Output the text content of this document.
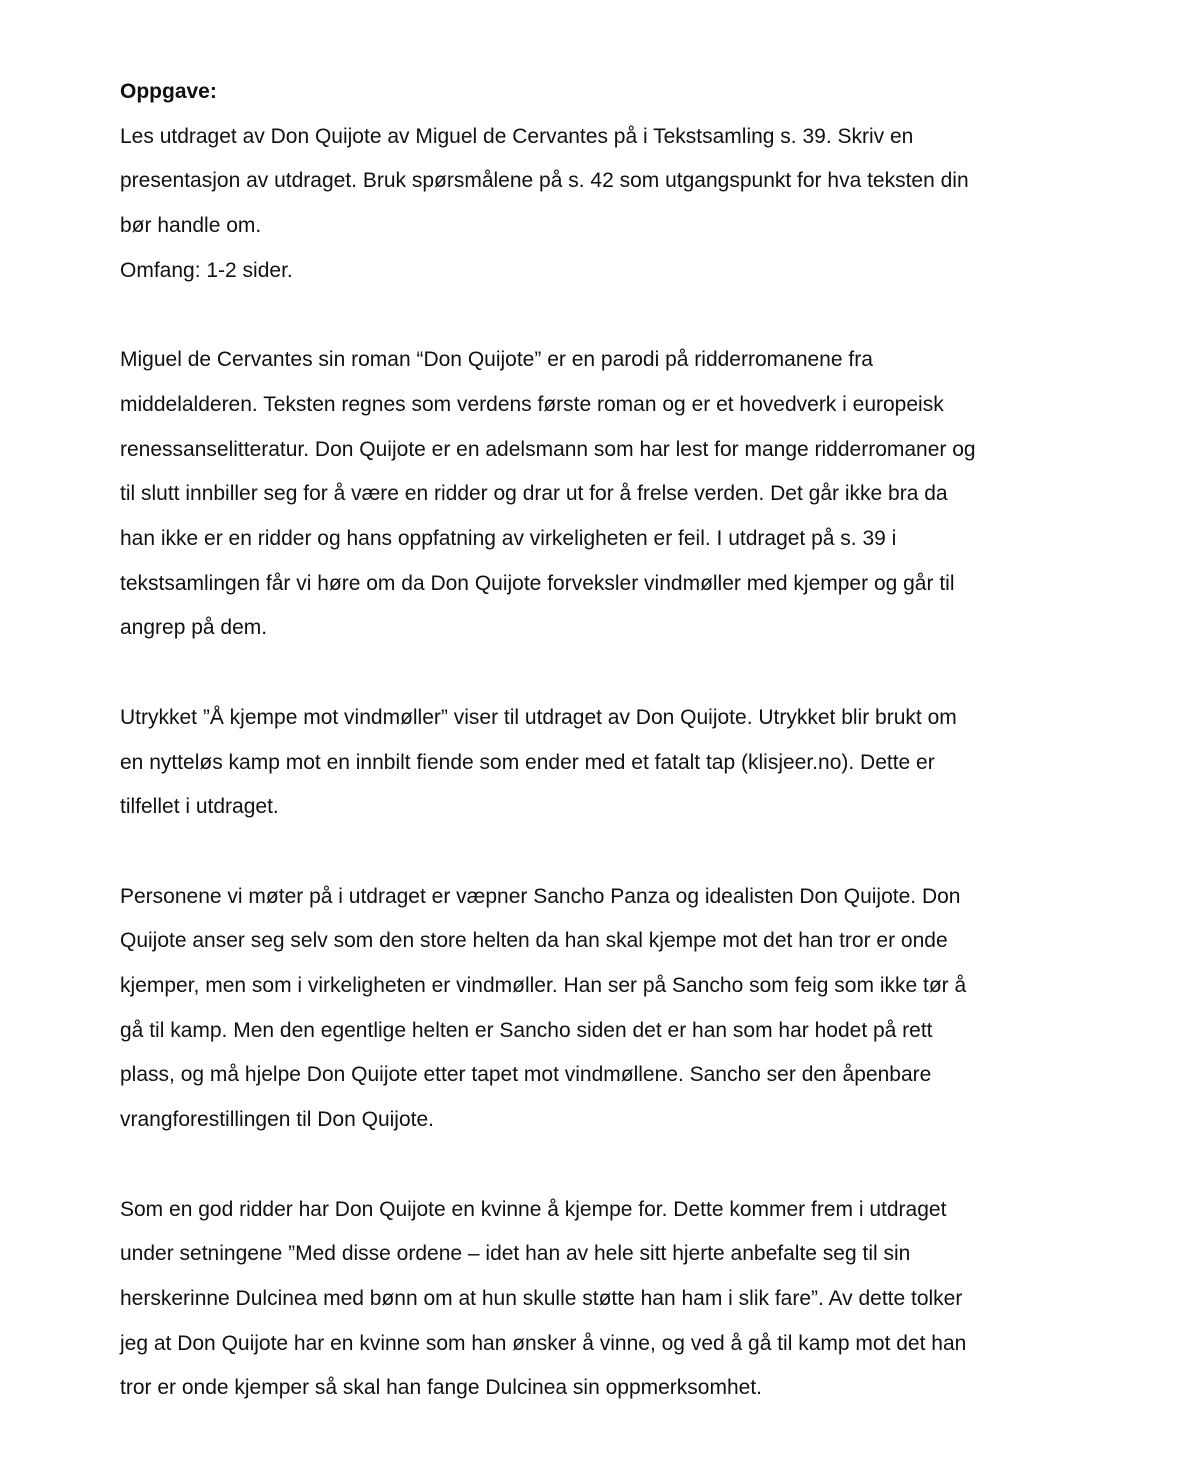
Oppgave:
Les utdraget av Don Quijote av Miguel de Cervantes på i Tekstsamling s. 39. Skriv en
presentasjon av utdraget. Bruk spørsmålene på s. 42 som utgangspunkt for hva teksten din
bør handle om.
Omfang: 1-2 sider.

Miguel de Cervantes sin roman “Don Quijote” er en parodi på ridderromanene fra
middelalderen. Teksten regnes som verdens første roman og er et hovedverk i europeisk
renessanselitteratur. Don Quijote er en adelsmann som har lest for mange ridderromaner og
til slutt innbiller seg for å være en ridder og drar ut for å frelse verden. Det går ikke bra da
han ikke er en ridder og hans oppfatning av virkeligheten er feil. I utdraget på s. 39 i
tekstsamlingen får vi høre om da Don Quijote forveksler vindmøller med kjemper og går til
angrep på dem.

Utrykket ”Å kjempe mot vindmøller” viser til utdraget av Don Quijote. Utrykket blir brukt om
en nytteløs kamp mot en innbilt fiende som ender med et fatalt tap (klisjeer.no). Dette er
tilfellet i utdraget.

Personene vi møter på i utdraget er væpner Sancho Panza og idealisten Don Quijote. Don
Quijote anser seg selv som den store helten da han skal kjempe mot det han tror er onde
kjemper, men som i virkeligheten er vindmøller. Han ser på Sancho som feig som ikke tør å
gå til kamp. Men den egentlige helten er Sancho siden det er han som har hodet på rett
plass, og må hjelpe Don Quijote etter tapet mot vindmøllene. Sancho ser den åpenbare
vrangforestillingen til Don Quijote.

Som en god ridder har Don Quijote en kvinne å kjempe for. Dette kommer frem i utdraget
under setningene ”Med disse ordene – idet han av hele sitt hjerte anbefalte seg til sin
herskerinne Dulcinea med bønn om at hun skulle støtte han ham i slik fare”. Av dette tolker
jeg at Don Quijote har en kvinne som han ønsker å vinne, og ved å gå til kamp mot det han
tror er onde kjemper så skal han fange Dulcinea sin oppmerksomhet.
